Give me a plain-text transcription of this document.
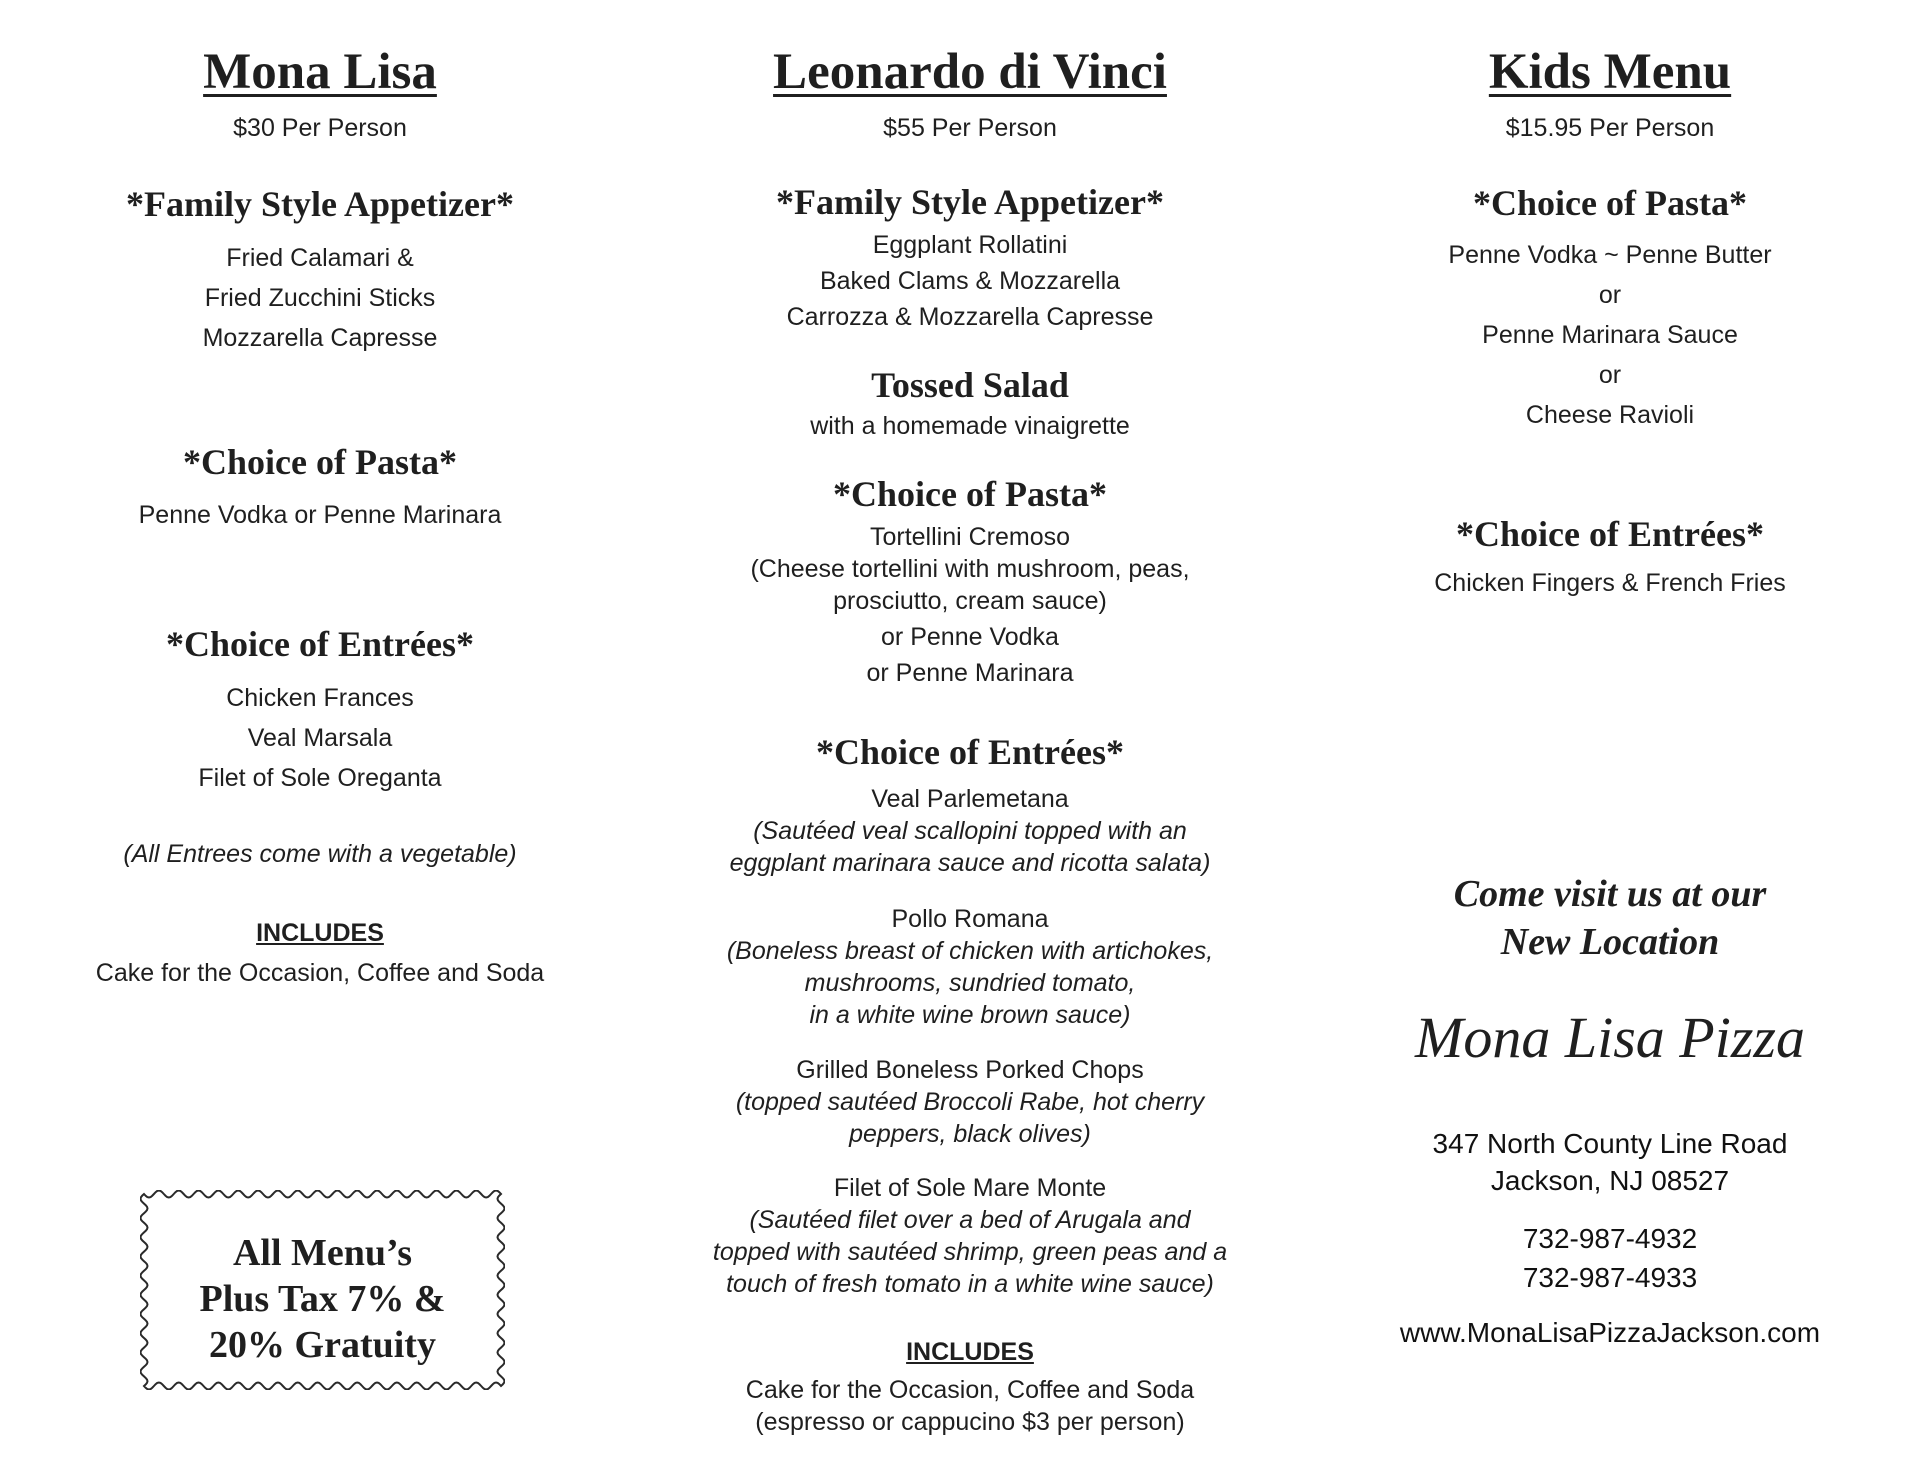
Mona Lisa
$30 Per Person
*Family Style Appetizer*
Fried Calamari &
Fried Zucchini Sticks
Mozzarella Capresse
*Choice of Pasta*
Penne Vodka or Penne Marinara
*Choice of Entrées*
Chicken Frances
Veal Marsala
Filet of Sole Oreganta
(All Entrees come with a vegetable)
INCLUDES
Cake for the Occasion, Coffee and Soda
All Menu’s
Plus Tax 7% &
20% Gratuity
Leonardo di Vinci
$55 Per Person
*Family Style Appetizer*
Eggplant Rollatini
Baked Clams & Mozzarella
Carrozza & Mozzarella Capresse
Tossed Salad
with a homemade vinaigrette
*Choice of Pasta*
Tortellini Cremoso
(Cheese tortellini with mushroom, peas,
prosciutto, cream sauce)
or Penne Vodka
or Penne Marinara
*Choice of Entrées*
Veal Parlemetana
(Sautéed veal scallopini topped with an
eggplant marinara sauce and ricotta salata)
Pollo Romana
(Boneless breast of chicken with artichokes,
mushrooms, sundried tomato,
in a white wine brown sauce)
Grilled Boneless Porked Chops
(topped sautéed Broccoli Rabe, hot cherry
peppers, black olives)
Filet of Sole Mare Monte
(Sautéed filet over a bed of Arugala and
topped with sautéed shrimp, green peas and a
touch of fresh tomato in a white wine sauce)
INCLUDES
Cake for the Occasion, Coffee and Soda
(espresso or cappucino $3 per person)
Kids Menu
$15.95 Per Person
*Choice of Pasta*
Penne Vodka ~ Penne Butter
or
Penne Marinara Sauce
or
Cheese Ravioli
*Choice of Entrées*
Chicken Fingers & French Fries
Come visit us at our
New Location
Mona Lisa Pizza
347 North County Line Road
Jackson, NJ 08527
732-987-4932
732-987-4933
www.MonaLisaPizzaJackson.com
